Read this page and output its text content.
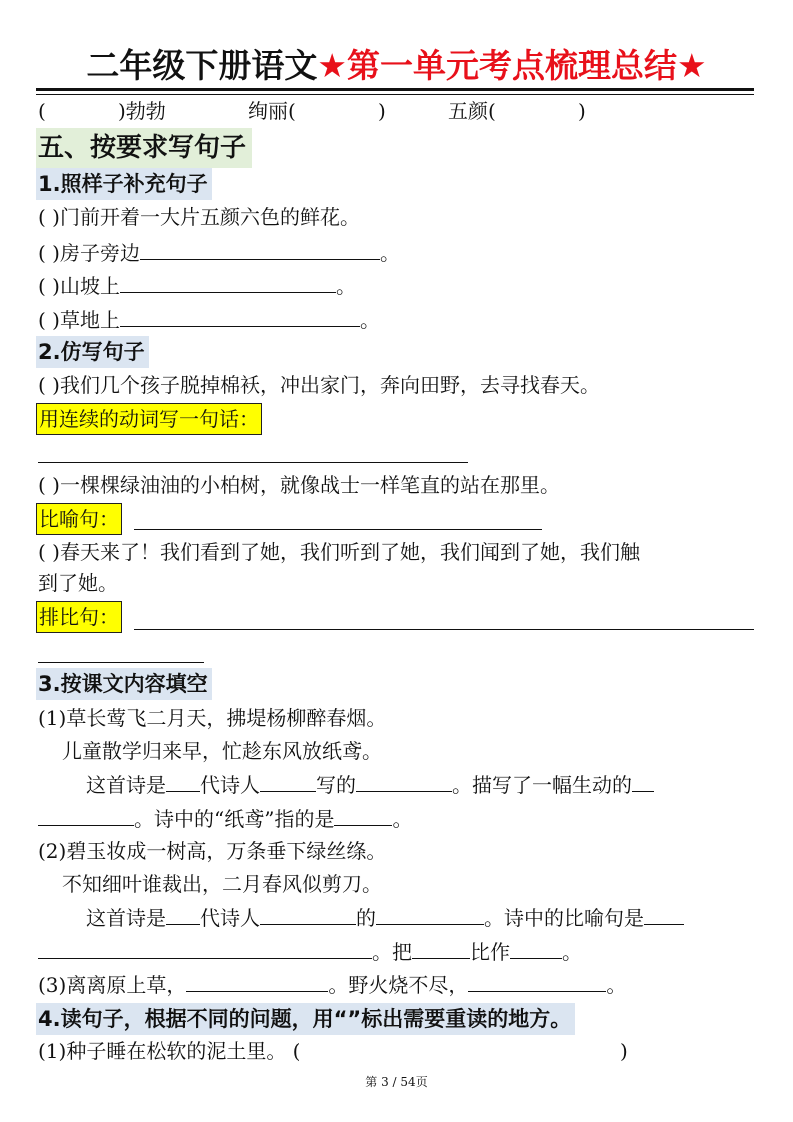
二年级下册语文★第一单元考点梳理总结★
(	)勃勃	绚丽(	)	五颜(	)
五、按要求写句子
1.照样子补充句子
( )门前开着一大片五颜六色的鲜花。
( )房子旁边	。
( )山坡上	。
( )草地上	。
2.仿写句子
( )我们几个孩子脱掉棉袄，冲出家门，奔向田野，去寻找春天。
用连续的动词写一句话：
( )一棵棵绿油油的小柏树，就像战士一样笔直的站在那里。
比喻句：
( )春天来了！我们看到了她，我们听到了她，我们闻到了她，我们触
到了她。
排比句：
3.按课文内容填空
(1)草长莺飞二月天，拂堤杨柳醉春烟。
儿童散学归来早，忙趁东风放纸鸢。
这首诗是 代诗人	写的	。描写了一幅生动的
。诗中的“纸鸢”指的是	。
(2)碧玉妆成一树高，万条垂下绿丝绦。
不知细叶谁裁出，二月春风似剪刀。
这首诗是 代诗人	的	。诗中的比喻句是
。把	比作	。
(3)离离原上草，	。野火烧不尽，	。
4.读句子，根据不同的问题，用“”标出需要重读的地方。
(1)种子睡在松软的泥土里。 (	)
第 3 / 54页
